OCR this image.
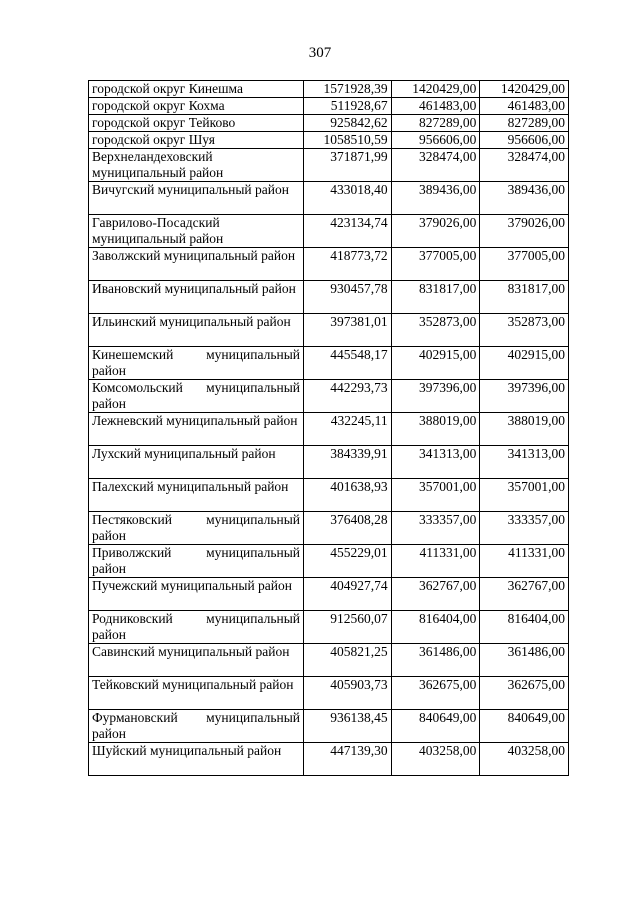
307
городской округ Кинешма	1571928,39	1420429,00	1420429,00
городской округ Кохма	511928,67	461483,00	461483,00
городской округ Тейково	925842,62	827289,00	827289,00
городской округ Шуя	1058510,59	956606,00	956606,00
Верхнеландеховский муниципальный район	371871,99	328474,00	328474,00
Вичугский муниципальный район	433018,40	389436,00	389436,00
Гаврилово-Посадский муниципальный район	423134,74	379026,00	379026,00
Заволжский муниципальный район	418773,72	377005,00	377005,00
Ивановский муниципальный район	930457,78	831817,00	831817,00
Ильинский муниципальный район	397381,01	352873,00	352873,00
Кинешемский муниципальный район	445548,17	402915,00	402915,00
Комсомольский муниципальный район	442293,73	397396,00	397396,00
Лежневский муниципальный район	432245,11	388019,00	388019,00
Лухский муниципальный район	384339,91	341313,00	341313,00
Палехский муниципальный район	401638,93	357001,00	357001,00
Пестяковский муниципальный район	376408,28	333357,00	333357,00
Приволжский муниципальный район	455229,01	411331,00	411331,00
Пучежский муниципальный район	404927,74	362767,00	362767,00
Родниковский муниципальный район	912560,07	816404,00	816404,00
Савинский муниципальный район	405821,25	361486,00	361486,00
Тейковский муниципальный район	405903,73	362675,00	362675,00
Фурмановский муниципальный район	936138,45	840649,00	840649,00
Шуйский муниципальный район	447139,30	403258,00	403258,00
